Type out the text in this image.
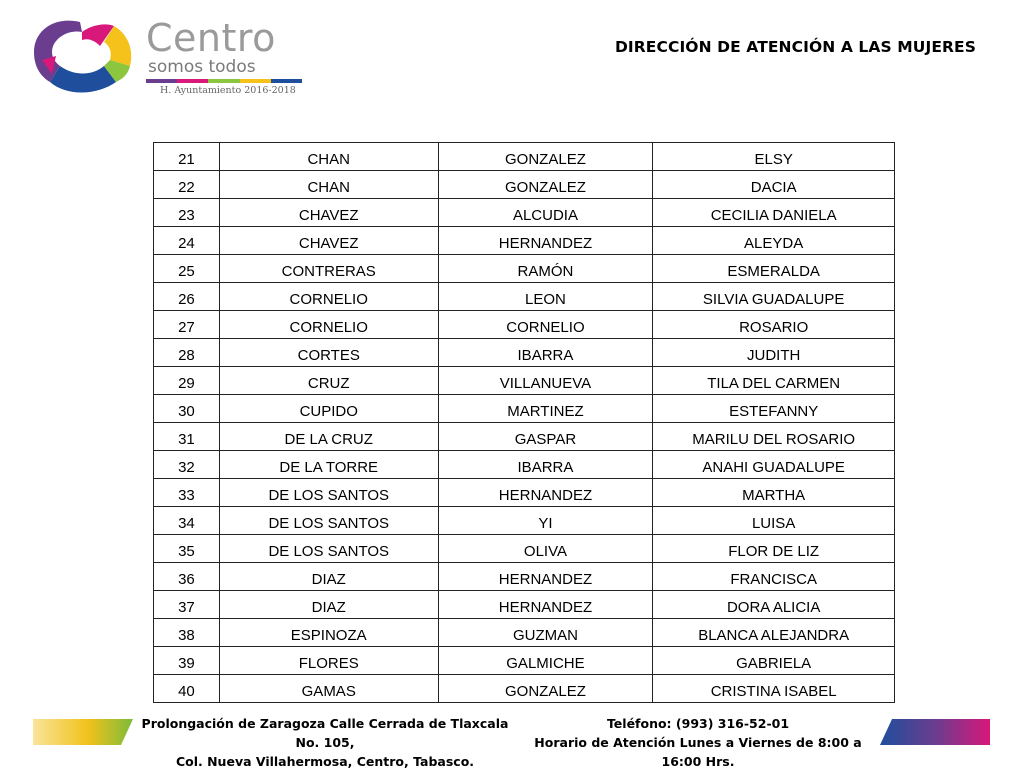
Centro
somos todos
H. Ayuntamiento 2016-2018
DIRECCIÓN DE ATENCIÓN A LAS MUJERES
21	CHAN	GONZALEZ	ELSY
22	CHAN	GONZALEZ	DACIA
23	CHAVEZ	ALCUDIA	CECILIA DANIELA
24	CHAVEZ	HERNANDEZ	ALEYDA
25	CONTRERAS	RAMÓN	ESMERALDA
26	CORNELIO	LEON	SILVIA GUADALUPE
27	CORNELIO	CORNELIO	ROSARIO
28	CORTES	IBARRA	JUDITH
29	CRUZ	VILLANUEVA	TILA DEL CARMEN
30	CUPIDO	MARTINEZ	ESTEFANNY
31	DE LA CRUZ	GASPAR	MARILU DEL ROSARIO
32	DE LA TORRE	IBARRA	ANAHI GUADALUPE
33	DE LOS SANTOS	HERNANDEZ	MARTHA
34	DE LOS SANTOS	YI	LUISA
35	DE LOS SANTOS	OLIVA	FLOR DE LIZ
36	DIAZ	HERNANDEZ	FRANCISCA
37	DIAZ	HERNANDEZ	DORA ALICIA
38	ESPINOZA	GUZMAN	BLANCA ALEJANDRA
39	FLORES	GALMICHE	GABRIELA
40	GAMAS	GONZALEZ	CRISTINA ISABEL
Prolongación de Zaragoza Calle Cerrada de Tlaxcala No. 105,
Col. Nueva Villahermosa, Centro, Tabasco.
Teléfono: (993) 316-52-01
Horario de Atención Lunes a Viernes de 8:00 a 16:00 Hrs.
